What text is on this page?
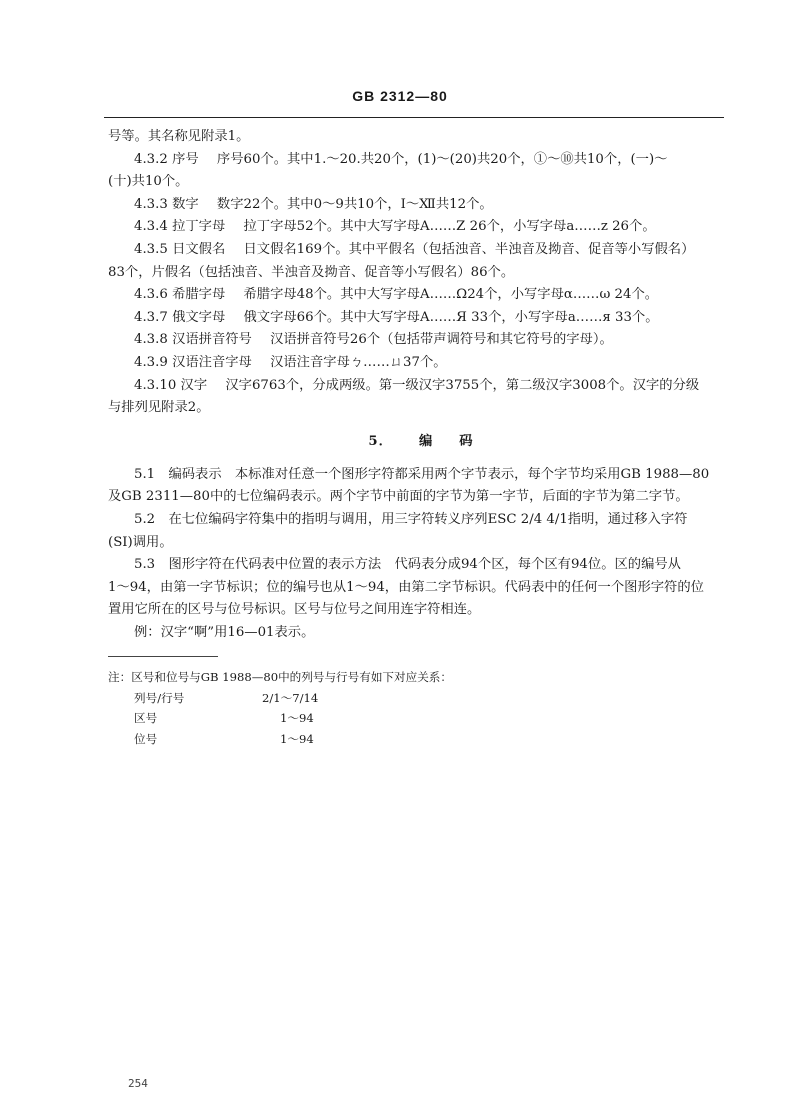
GB 2312—80
号等。其名称见附录1。
4.3.2 序号 序号60个。其中1.～20.共20个，(1)～(20)共20个，①～⑩共10个，(一)～
(十)共10个。
4.3.3 数字 数字22个。其中0～9共10个，Ⅰ～Ⅻ共12个。
4.3.4 拉丁字母 拉丁字母52个。其中大写字母A……Z 26个，小写字母a……z 26个。
4.3.5 日文假名 日文假名169个。其中平假名（包括浊音、半浊音及拗音、促音等小写假名）
83个，片假名（包括浊音、半浊音及拗音、促音等小写假名）86个。
4.3.6 希腊字母 希腊字母48个。其中大写字母A……Ω24个，小写字母α……ω 24个。
4.3.7 俄文字母 俄文字母66个。其中大写字母A……Я 33个，小写字母а……я 33个。
4.3.8 汉语拼音符号 汉语拼音符号26个（包括带声调符号和其它符号的字母）。
4.3.9 汉语注音字母 汉语注音字母ㄅ……ㄩ37个。
4.3.10 汉字 汉字6763个，分成两级。第一级汉字3755个，第二级汉字3008个。汉字的分级
与排列见附录2。
5． 编 码
5.1　编码表示　本标准对任意一个图形字符都采用两个字节表示，每个字节均采用GB 1988—80
及GB 2311—80中的七位编码表示。两个字节中前面的字节为第一字节，后面的字节为第二字节。
5.2　在七位编码字符集中的指明与调用，用三字符转义序列ESC 2/4 4/1指明，通过移入字符
(SI)调用。
5.3　图形字符在代码表中位置的表示方法　代码表分成94个区，每个区有94位。区的编号从
1～94，由第一字节标识；位的编号也从1～94，由第二字节标识。代码表中的任何一个图形字符的位
置用它所在的区号与位号标识。区号与位号之间用连字符相连。
例：汉字“啊”用16—01表示。
注：区号和位号与GB 1988—80中的列号与行号有如下对应关系：
列号/行号	2/1～7/14
区号	1～94
位号	1～94
254
